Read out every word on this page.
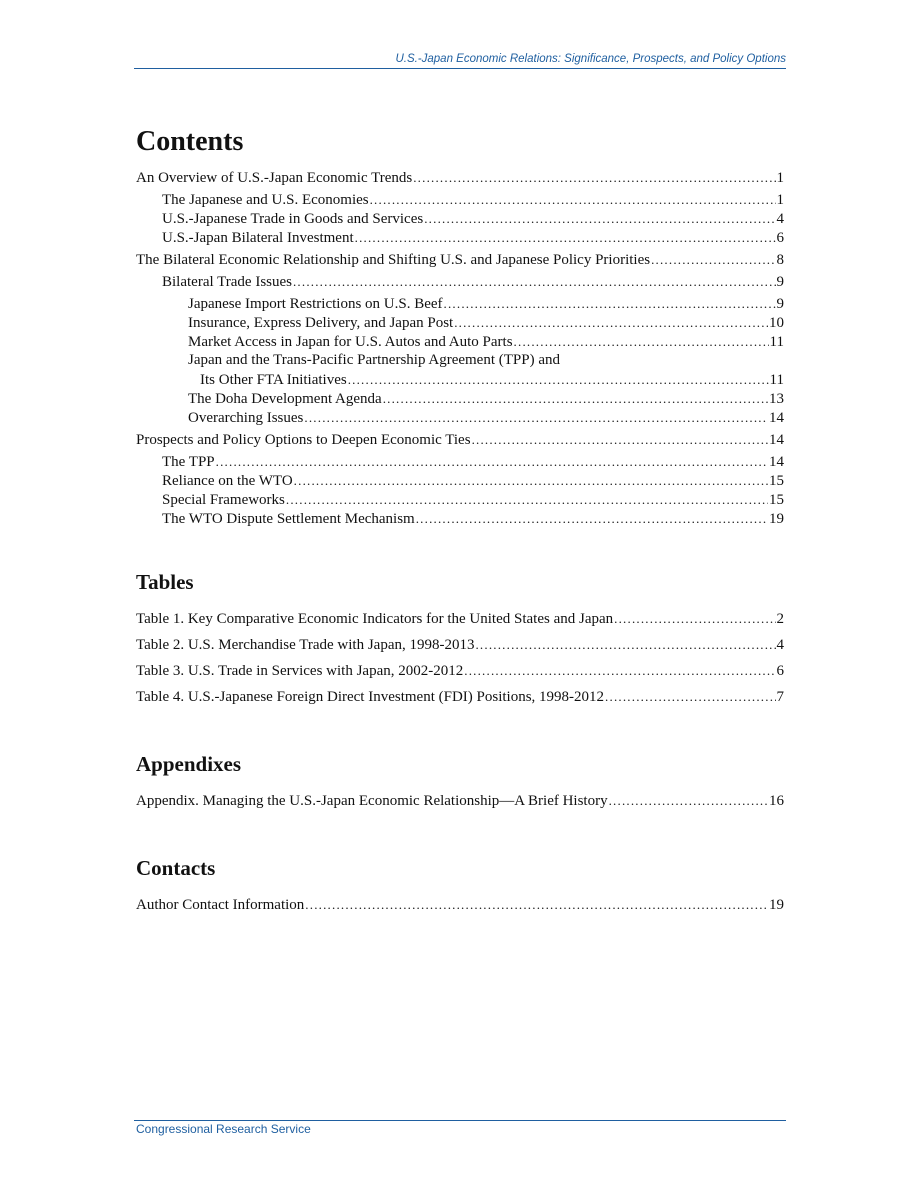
U.S.-Japan Economic Relations: Significance, Prospects, and Policy Options
Contents
An Overview of U.S.-Japan Economic Trends .....	1
The Japanese and U.S. Economies .....	1
U.S.-Japanese Trade in Goods and Services .....	4
U.S.-Japan Bilateral Investment .....	6
The Bilateral Economic Relationship and Shifting U.S. and Japanese Policy Priorities .....	8
Bilateral Trade Issues .....	9
Japanese Import Restrictions on U.S. Beef .....	9
Insurance, Express Delivery, and Japan Post .....	10
Market Access in Japan for U.S. Autos and Auto Parts .....	11
Japan and the Trans-Pacific Partnership Agreement (TPP) and
Its Other FTA Initiatives .....	11
The Doha Development Agenda .....	13
Overarching Issues .....	14
Prospects and Policy Options to Deepen Economic Ties .....	14
The TPP .....	14
Reliance on the WTO .....	15
Special Frameworks .....	15
The WTO Dispute Settlement Mechanism .....	19
Tables
Table 1. Key Comparative Economic Indicators for the United States and Japan .....	2
Table 2. U.S. Merchandise Trade with Japan, 1998-2013 .....	4
Table 3. U.S. Trade in Services with Japan, 2002-2012 .....	6
Table 4. U.S.-Japanese Foreign Direct Investment (FDI) Positions, 1998-2012 .....	7
Appendixes
Appendix. Managing the U.S.-Japan Economic Relationship—A Brief History .....	16
Contacts
Author Contact Information .....	19
Congressional Research Service
